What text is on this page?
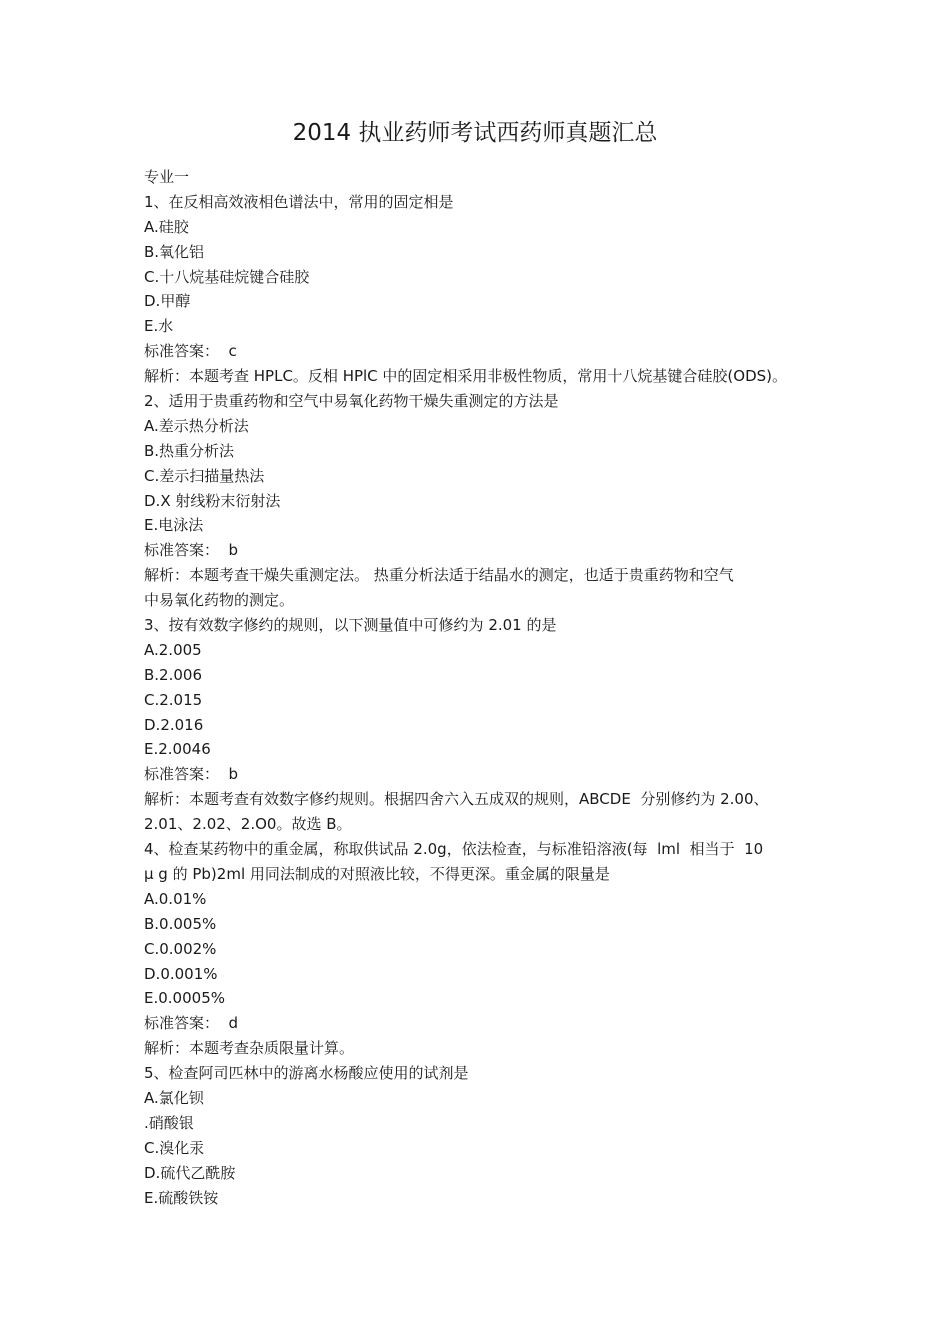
2014 执业药师考试西药师真题汇总
专业一
1、在反相高效液相色谱法中，常用的固定相是
A.硅胶
B.氧化铝
C.十八烷基硅烷键合硅胶
D.甲醇
E.水
标准答案：  c
解析：本题考查 HPLC。反相 HPlC 中的固定相采用非极性物质，常用十八烷基键合硅胶(ODS)。
2、适用于贵重药物和空气中易氧化药物干燥失重测定的方法是
A.差示热分析法
B.热重分析法
C.差示扫描量热法
D.X 射线粉末衍射法
E.电泳法
标准答案：  b
解析：本题考查干燥失重测定法。 热重分析法适于结晶水的测定，也适于贵重药物和空气
中易氧化药物的测定。
3、按有效数字修约的规则，以下测量值中可修约为 2.01 的是
A.2.005
B.2.006
C.2.015
D.2.016
E.2.0046
标准答案：  b
解析：本题考查有效数字修约规则。根据四舍六入五成双的规则，ABCDE  分别修约为 2.00、
2.01、2.02、2.O0。故选 B。
4、检查某药物中的重金属，称取供试品 2.0g，依法检查，与标准铅溶液(每  lml  相当于  10
μ g 的 Pb)2ml 用同法制成的对照液比较，不得更深。重金属的限量是
A.0.01%
B.0.005%
C.0.002%
D.0.001%
E.0.0005%
标准答案：  d
解析：本题考查杂质限量计算。
5、检查阿司匹林中的游离水杨酸应使用的试剂是
A.氯化钡
.硝酸银
C.溴化汞
D.硫代乙酰胺
E.硫酸铁铵
